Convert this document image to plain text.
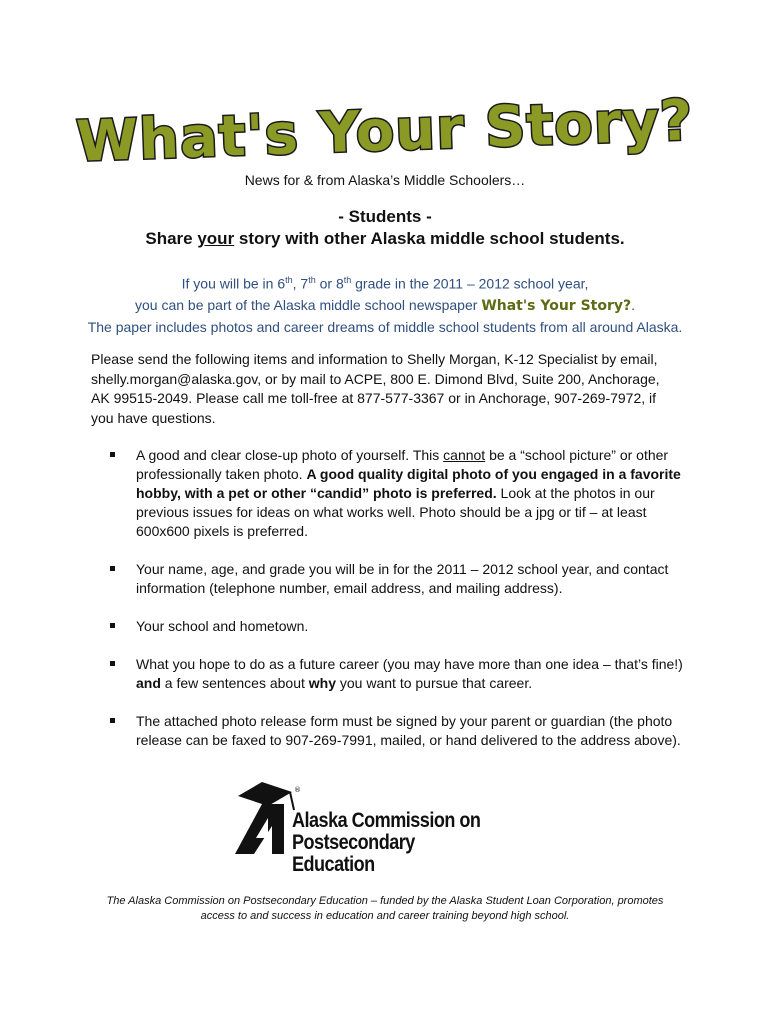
What's Your Story?
News for & from Alaska’s Middle Schoolers…
- Students -
Share your story with other Alaska middle school students.
If you will be in 6th, 7th or 8th grade in the 2011 – 2012 school year,
you can be part of the Alaska middle school newspaper What's Your Story?.
The paper includes photos and career dreams of middle school students from all around Alaska.
Please send the following items and information to Shelly Morgan, K-12 Specialist by email, shelly.morgan@alaska.gov, or by mail to ACPE, 800 E. Dimond Blvd, Suite 200, Anchorage, AK 99515-2049. Please call me toll-free at 877-577-3367 or in Anchorage, 907-269-7972, if you have questions.
A good and clear close-up photo of yourself. This cannot be a “school picture” or other professionally taken photo. A good quality digital photo of you engaged in a favorite hobby, with a pet or other “candid” photo is preferred. Look at the photos in our previous issues for ideas on what works well. Photo should be a jpg or tif – at least 600x600 pixels is preferred.
Your name, age, and grade you will be in for the 2011 – 2012 school year, and contact information (telephone number, email address, and mailing address).
Your school and hometown.
What you hope to do as a future career (you may have more than one idea – that’s fine!) and a few sentences about why you want to pursue that career.
The attached photo release form must be signed by your parent or guardian (the photo release can be faxed to 907-269-7991, mailed, or hand delivered to the address above).
®
Alaska Commission on
Postsecondary Education
The Alaska Commission on Postsecondary Education – funded by the Alaska Student Loan Corporation, promotes
access to and success in education and career training beyond high school.
